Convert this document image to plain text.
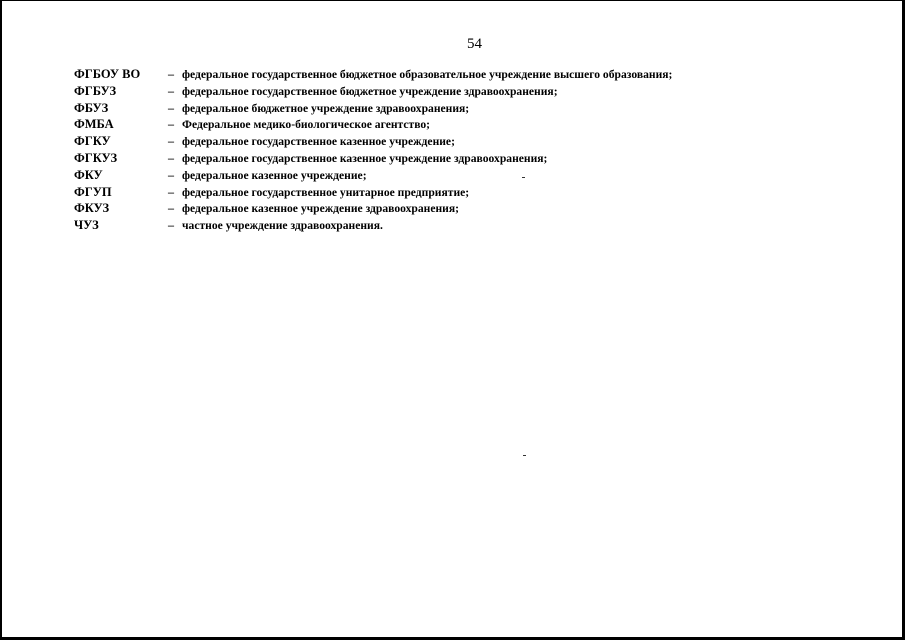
54
ФГБОУ ВО	– федеральное государственное бюджетное образовательное учреждение высшего образования;
ФГБУЗ	– федеральное государственное бюджетное учреждение здравоохранения;
ФБУЗ	– федеральное бюджетное учреждение здравоохранения;
ФМБА	– Федеральное медико-биологическое агентство;
ФГКУ	– федеральное государственное казенное учреждение;
ФГКУЗ	– федеральное государственное казенное учреждение здравоохранения;
ФКУ	– федеральное казенное учреждение;
ФГУП	– федеральное государственное унитарное предприятие;
ФКУЗ	– федеральное казенное учреждение здравоохранения;
ЧУЗ	– частное учреждение здравоохранения.
